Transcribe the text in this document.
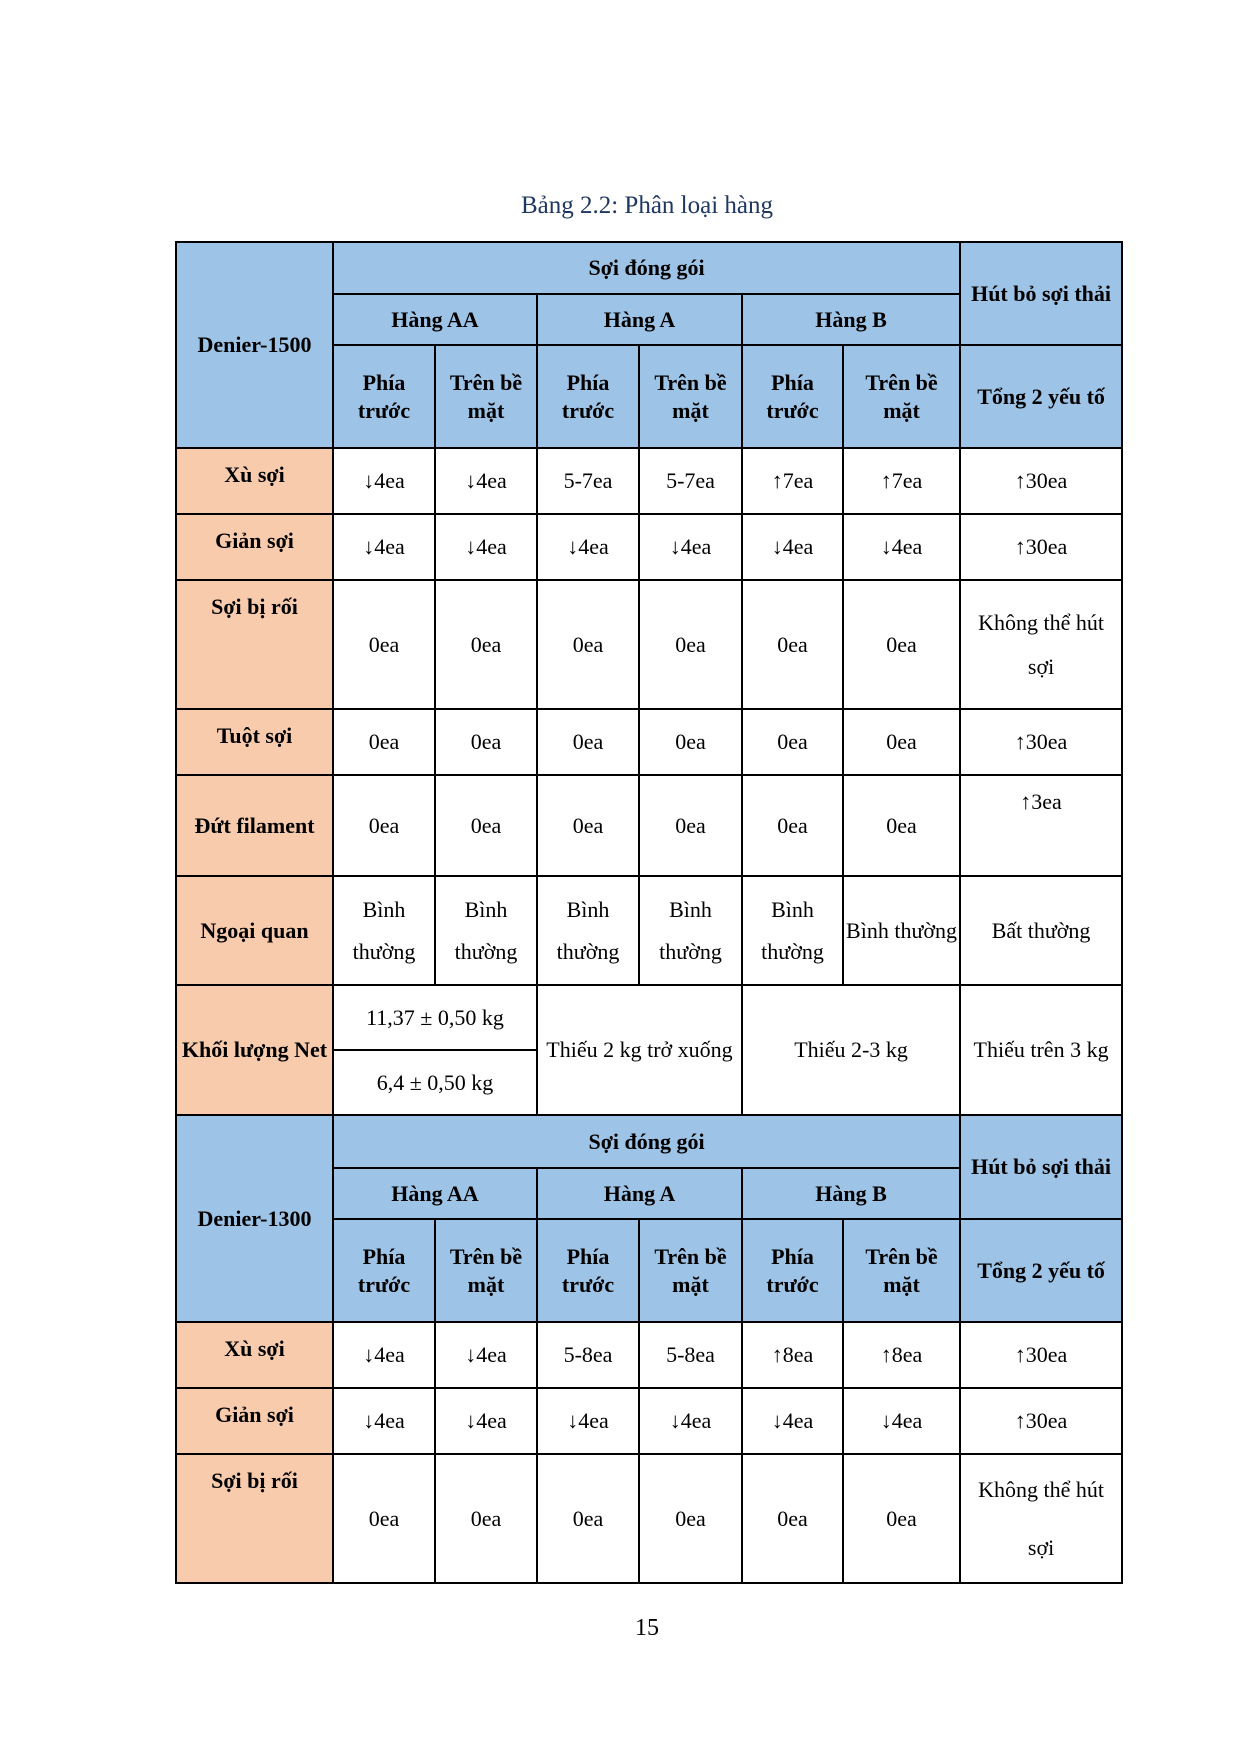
Bảng 2.2: Phân loại hàng
Denier-1500	Sợi đóng gói						Hút bỏ sợi thải
	Hàng AA		Hàng A		Hàng B		
	Phía trước	Trên bề mặt	Phía trước	Trên bề mặt	Phía trước	Trên bề mặt	Tổng 2 yếu tố
Xù sợi	↓4ea	↓4ea	5-7ea	5-7ea	↑7ea	↑7ea	↑30ea
Giản sợi	↓4ea	↓4ea	↓4ea	↓4ea	↓4ea	↓4ea	↑30ea
Sợi bị rối	0ea	0ea	0ea	0ea	0ea	0ea	Không thể hút sợi
Tuột sợi	0ea	0ea	0ea	0ea	0ea	0ea	↑30ea
Đứt filament	0ea	0ea	0ea	0ea	0ea	0ea	↑3ea
Ngoại quan	Bình thường	Bình thường	Bình thường	Bình thường	Bình thường	Bình thường	Bất thường
Khối lượng Net	11,37 ± 0,50 kg		Thiếu 2 kg trở xuống		Thiếu 2-3 kg		Thiếu trên 3 kg
	6,4 ± 0,50 kg						
Denier-1300	Sợi đóng gói						Hút bỏ sợi thải
	Hàng AA		Hàng A		Hàng B		
	Phía trước	Trên bề mặt	Phía trước	Trên bề mặt	Phía trước	Trên bề mặt	Tổng 2 yếu tố
Xù sợi	↓4ea	↓4ea	5-8ea	5-8ea	↑8ea	↑8ea	↑30ea
Giản sợi	↓4ea	↓4ea	↓4ea	↓4ea	↓4ea	↓4ea	↑30ea
Sợi bị rối	0ea	0ea	0ea	0ea	0ea	0ea	Không thể hút sợi
15
